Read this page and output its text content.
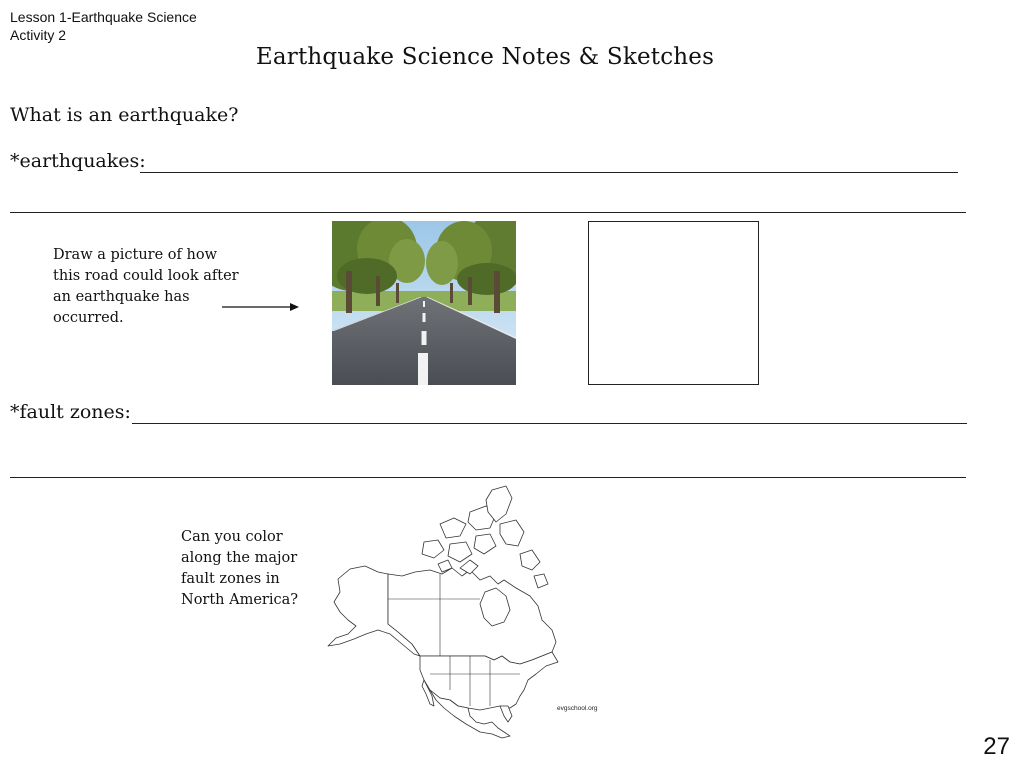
Lesson 1-Earthquake Science
Activity 2
Earthquake Science Notes & Sketches
What is an earthquake?
*earthquakes:
Draw a picture of how this road could look after an earthquake has occurred.
*fault zones:
Can you color along the major fault zones in North America?
evgschool.org
27
